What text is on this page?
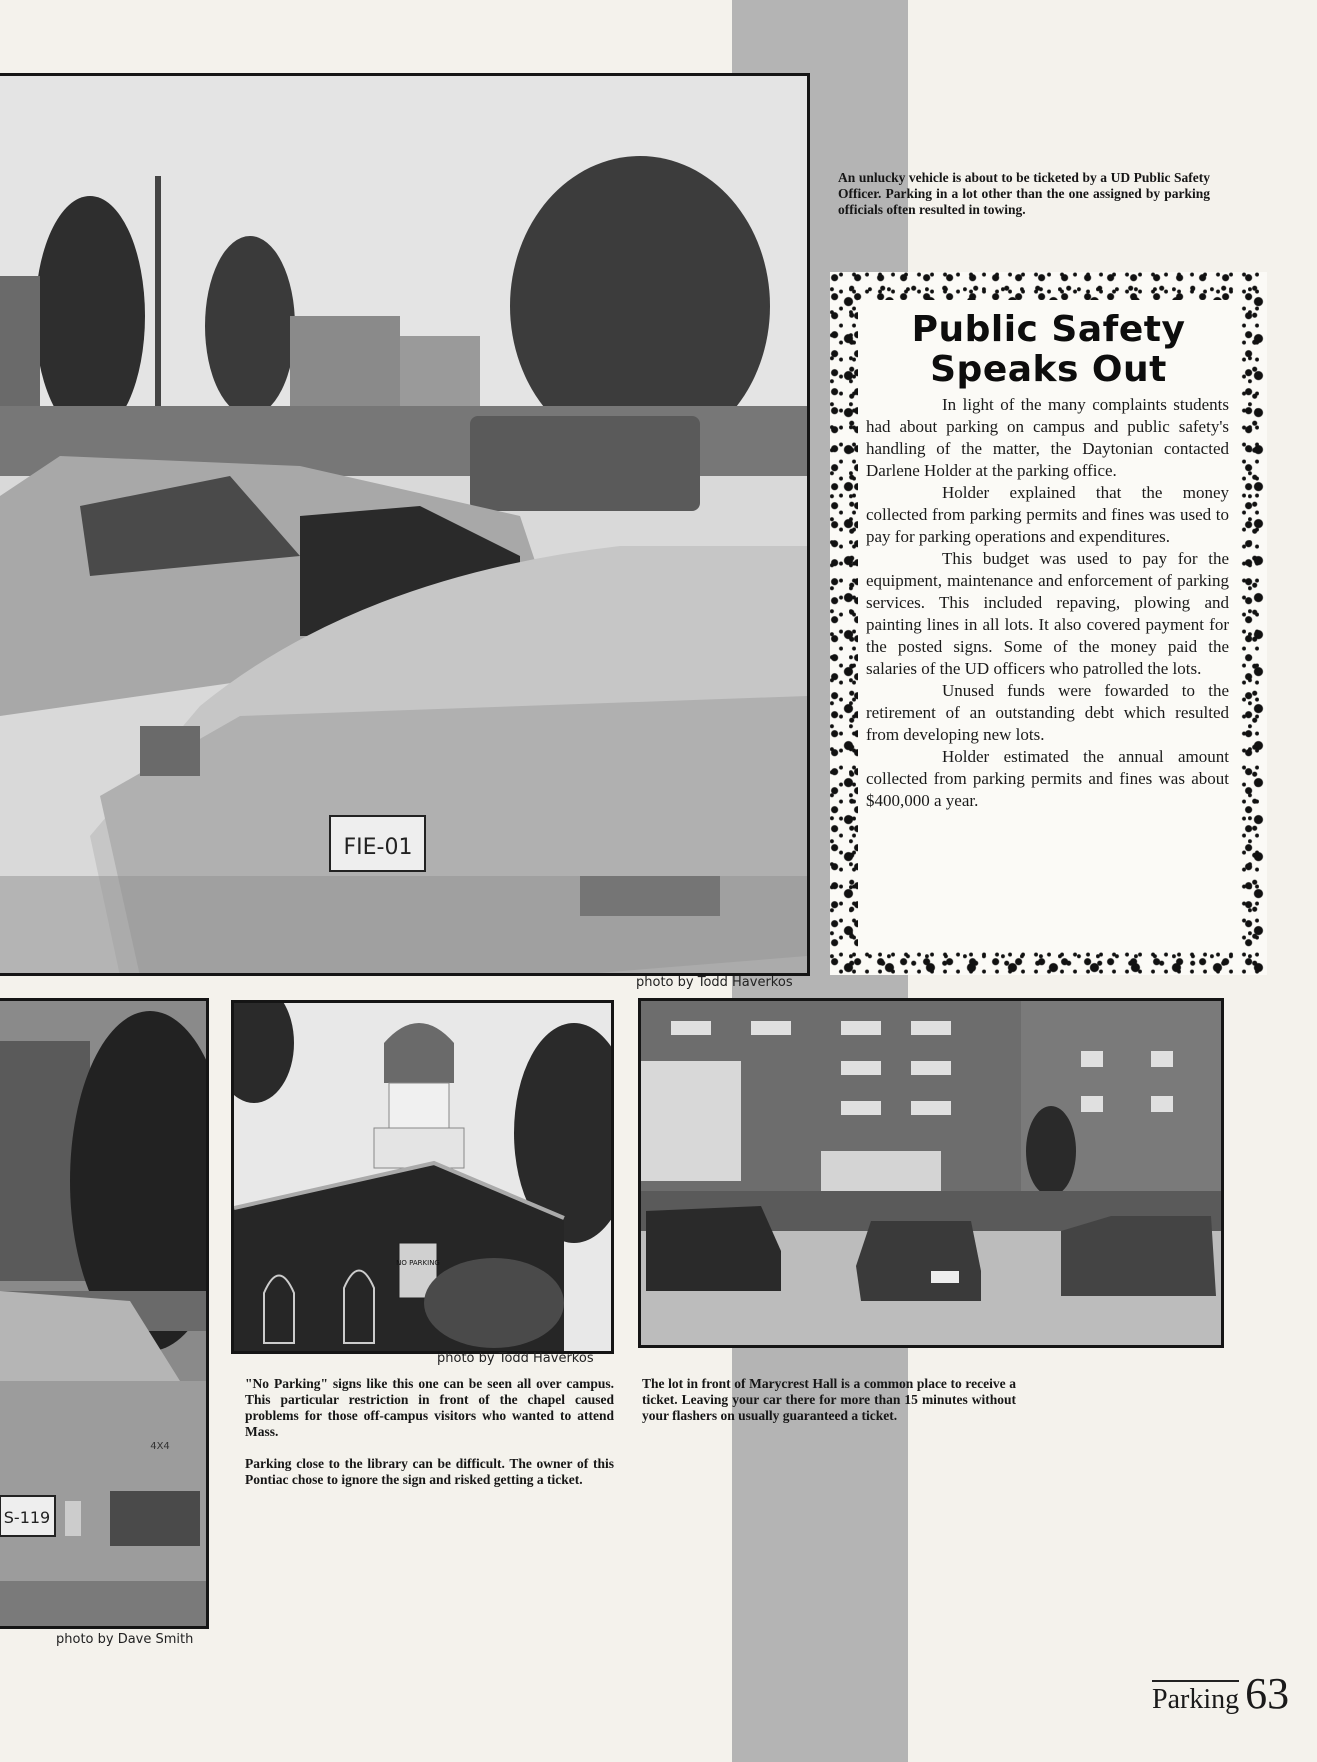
FIE-01
photo by Todd Haverkos
An unlucky vehicle is about to be ticketed by a UD Public Safety Officer. Parking in a lot other than the one assigned by parking officials often resulted in towing.
Public Safety Speaks Out

In light of the many complaints students had about parking on campus and public safety's handling of the matter, the Daytonian contacted Darlene Holder at the parking office.

Holder explained that the money collected from parking permits and fines was used to pay for parking operations and expenditures.

This budget was used to pay for the equipment, maintenance and enforcement of parking services. This included repaving, plowing and painting lines in all lots. It also covered payment for the posted signs. Some of the money paid the salaries of the UD officers who patrolled the lots.

Unused funds were fowarded to the retirement of an outstanding debt which resulted from developing new lots.

Holder estimated the annual amount collected from parking permits and fines was about $400,000 a year.

S-119
4X4
photo by Dave Smith
NO PARKING
photo by Todd Haverkos

"No Parking" signs like this one can be seen all over campus. This particular restriction in front of the chapel caused problems for those off-campus visitors who wanted to attend Mass.

Parking close to the library can be difficult. The owner of this Pontiac chose to ignore the sign and risked getting a ticket.

The lot in front of Marycrest Hall is a common place to receive a ticket. Leaving your car there for more than 15 minutes without your flashers on usually guaranteed a ticket.
Parking 63
